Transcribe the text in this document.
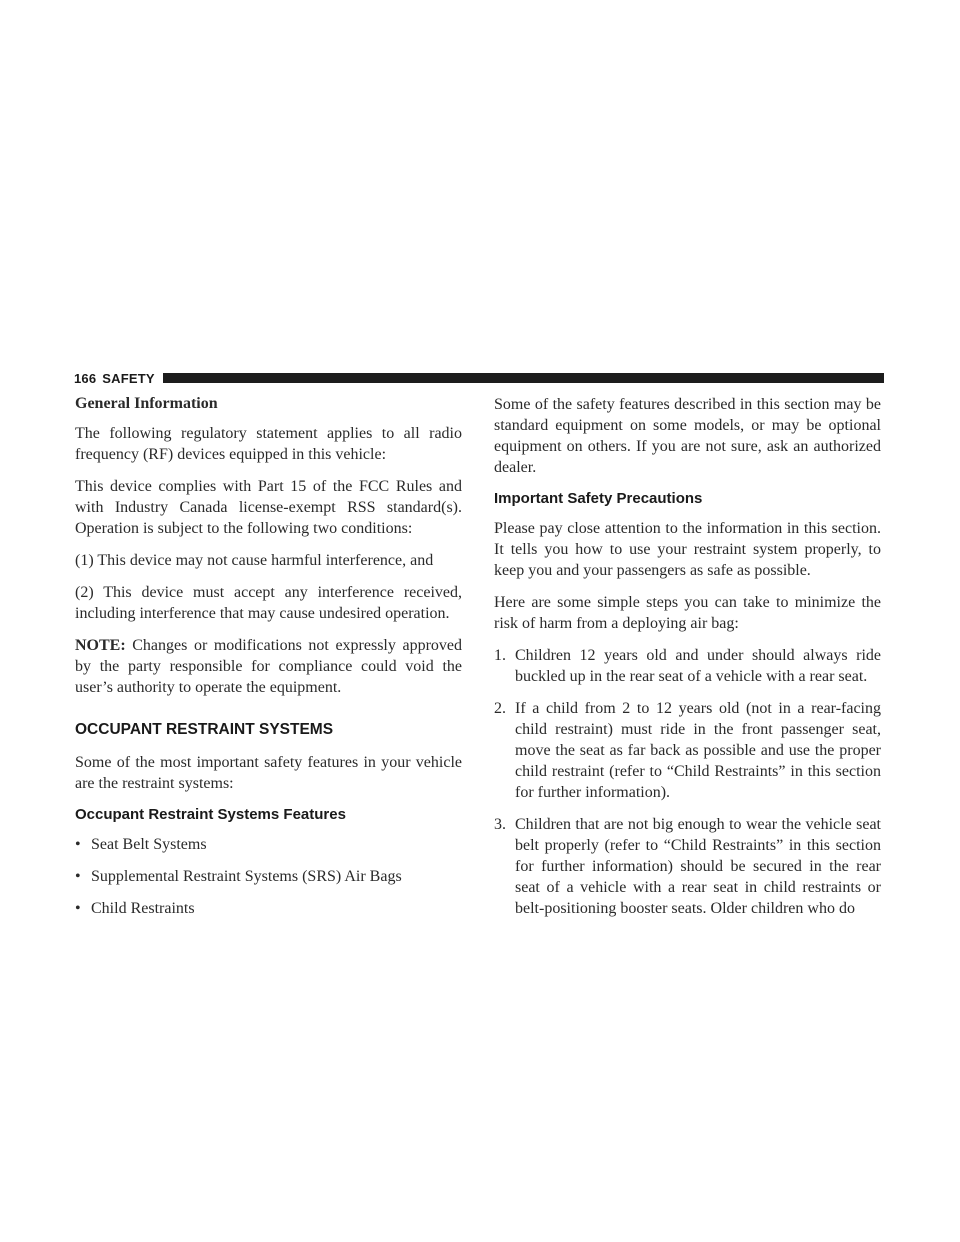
166 SAFETY
General Information

The following regulatory statement applies to all radio frequency (RF) devices equipped in this vehicle:

This device complies with Part 15 of the FCC Rules and with Industry Canada license-exempt RSS standard(s). Operation is subject to the following two conditions:

(1) This device may not cause harmful interference, and

(2) This device must accept any interference received, including interference that may cause undesired operation.

NOTE: Changes or modifications not expressly approved by the party responsible for compliance could void the user’s authority to operate the equipment.

OCCUPANT RESTRAINT SYSTEMS

Some of the most important safety features in your vehicle are the restraint systems:

Occupant Restraint Systems Features
• Seat Belt Systems
• Supplemental Restraint Systems (SRS) Air Bags
• Child Restraints

Some of the safety features described in this section may be standard equipment on some models, or may be optional equipment on others. If you are not sure, ask an authorized dealer.

Important Safety Precautions

Please pay close attention to the information in this section. It tells you how to use your restraint system properly, to keep you and your passengers as safe as possible.

Here are some simple steps you can take to minimize the risk of harm from a deploying air bag:

1. Children 12 years old and under should always ride buckled up in the rear seat of a vehicle with a rear seat.
2. If a child from 2 to 12 years old (not in a rear-facing child restraint) must ride in the front passenger seat, move the seat as far back as possible and use the proper child restraint (refer to “Child Restraints” in this section for further information).
3. Children that are not big enough to wear the vehicle seat belt properly (refer to “Child Restraints” in this section for further information) should be secured in the rear seat of a vehicle with a rear seat in child restraints or belt-positioning booster seats. Older children who do
